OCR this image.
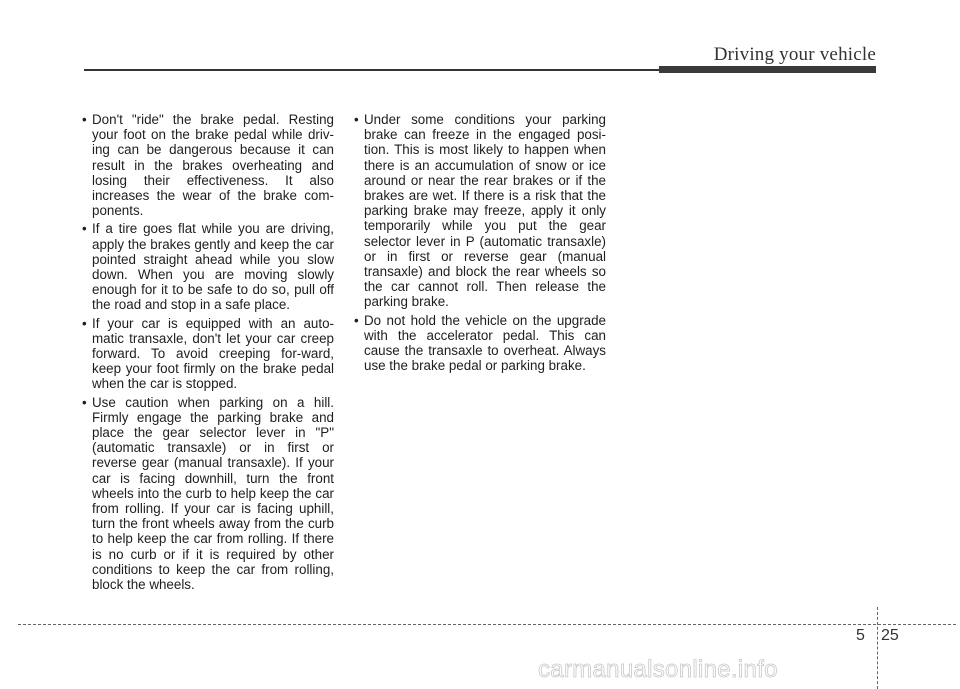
Driving your vehicle
• Don't "ride" the brake pedal. Resting your foot on the brake pedal while driv-ing can be dangerous because it can result in the brakes overheating and losing their effectiveness. It also increases the wear of the brake com-ponents.
• If a tire goes flat while you are driving, apply the brakes gently and keep the car pointed straight ahead while you slow down. When you are moving slowly enough for it to be safe to do so, pull off the road and stop in a safe place.
• If your car is equipped with an auto-matic transaxle, don't let your car creep forward. To avoid creeping for-ward, keep your foot firmly on the brake pedal when the car is stopped.
• Use caution when parking on a hill. Firmly engage the parking brake and place the gear selector lever in "P" (automatic transaxle) or in first or reverse gear (manual transaxle). If your car is facing downhill, turn the front wheels into the curb to help keep the car from rolling. If your car is facing uphill, turn the front wheels away from the curb to help keep the car from rolling. If there is no curb or if it is required by other conditions to keep the car from rolling, block the wheels.
• Under some conditions your parking brake can freeze in the engaged posi-tion. This is most likely to happen when there is an accumulation of snow or ice around or near the rear brakes or if the brakes are wet. If there is a risk that the parking brake may freeze, apply it only temporarily while you put the gear selector lever in P (automatic transaxle) or in first or reverse gear (manual transaxle) and block the rear wheels so the car cannot roll. Then release the parking brake.
• Do not hold the vehicle on the upgrade with the accelerator pedal. This can cause the transaxle to overheat. Always use the brake pedal or parking brake.
5 25
carmanualsonline.info
